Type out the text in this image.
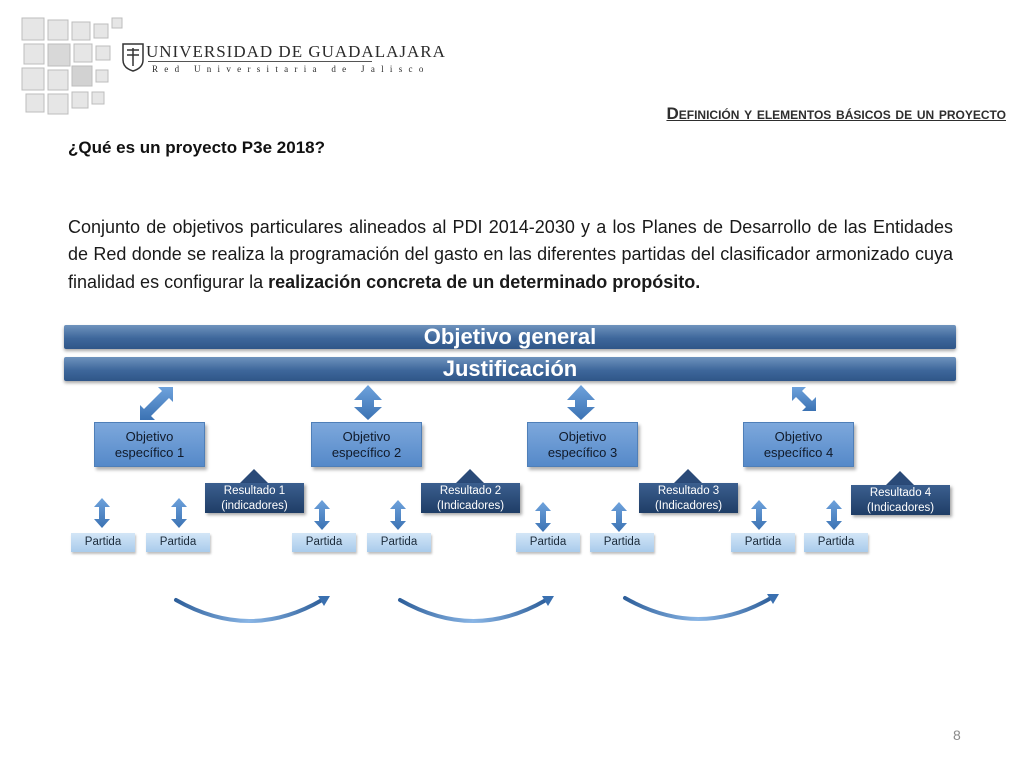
UNIVERSIDAD DE GUADALAJARA
Red Universitaria de Jalisco
Definición y elementos básicos de un proyecto
¿Qué es un proyecto P3e 2018?
Conjunto de objetivos particulares alineados al PDI 2014-2030 y a los Planes de Desarrollo de las Entidades de Red donde se realiza la programación del gasto en las diferentes partidas del clasificador armonizado cuya finalidad es configurar la realización concreta de un determinado propósito.
Objetivo general
Justificación
Objetivo específico 1
Objetivo específico 2
Objetivo específico 3
Objetivo específico 4
Resultado 1
(indicadores)
Resultado 2
(Indicadores)
Resultado 3
(Indicadores)
Resultado 4
(Indicadores)
Partida	Partida	Partida	Partida	Partida	Partida	Partida	Partida
8
